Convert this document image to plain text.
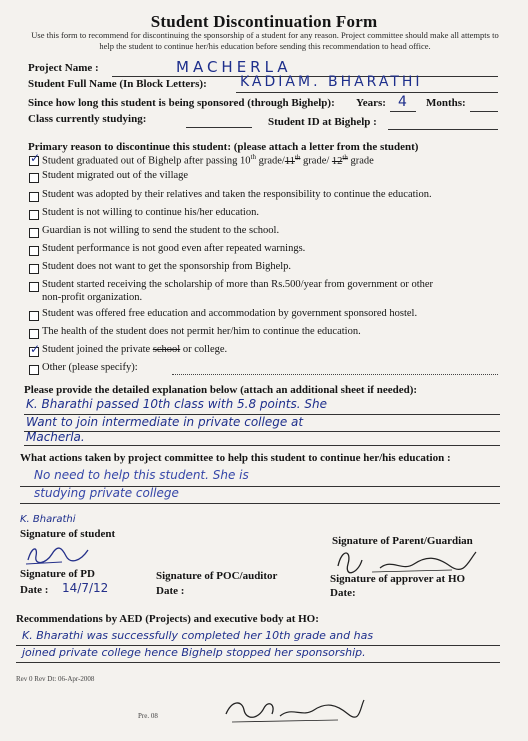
Student Discontinuation Form
Use this form to recommend for discontinuing the sponsorship of a student for any reason. Project committee should make all attempts to help the student to continue her/his education before sending this recommendation to head office.
Project Name :	MACHERLA
Student Full Name (In Block Letters): KADIAM. BHARATHI
Since how long this student is being sponsored (through Bighelp): Years: 4 Months:
Class currently studying:	Student ID at Bighelp :
Primary reason to discontinue this student: (please attach a letter from the student)
✓
Student graduated out of Bighelp after passing 10th grade/11th grade/ 12th grade
Student migrated out of the village
Student was adopted by their relatives and taken the responsibility to continue the education.
Student is not willing to continue his/her education.
Guardian is not willing to send the student to the school.
Student performance is not good even after repeated warnings.
Student does not want to get the sponsorship from Bighelp.
Student started receiving the scholarship of more than Rs.500/year from government or other
non-profit organization.
Student was offered free education and accommodation by government sponsored hostel.
The health of the student does not permit her/him to continue the education.
✓
Student joined the private school or college.
Other (please specify):
Please provide the detailed explanation below (attach an additional sheet if needed):
K. Bharathi passed 10th class with 5.8 points. She
Want to join intermediate in private college at
Macherla.
What actions taken by project committee to help this student to continue her/his education :
No need to help this student. She is
studying private college
K. Bharathi
Signature of student
Signature of Parent/Guardian
Signature of PD	Signature of POC/auditor	Signature of approver at HO
Date : 14/7/12	Date :	Date:
Recommendations by AED (Projects) and executive body at HO:
K. Bharathi was successfully completed her 10th grade and has
joined private college hence Bighelp stopped her sponsorship.
Rev 0 Rev Dt: 06-Apr-2008
Pre. 08
